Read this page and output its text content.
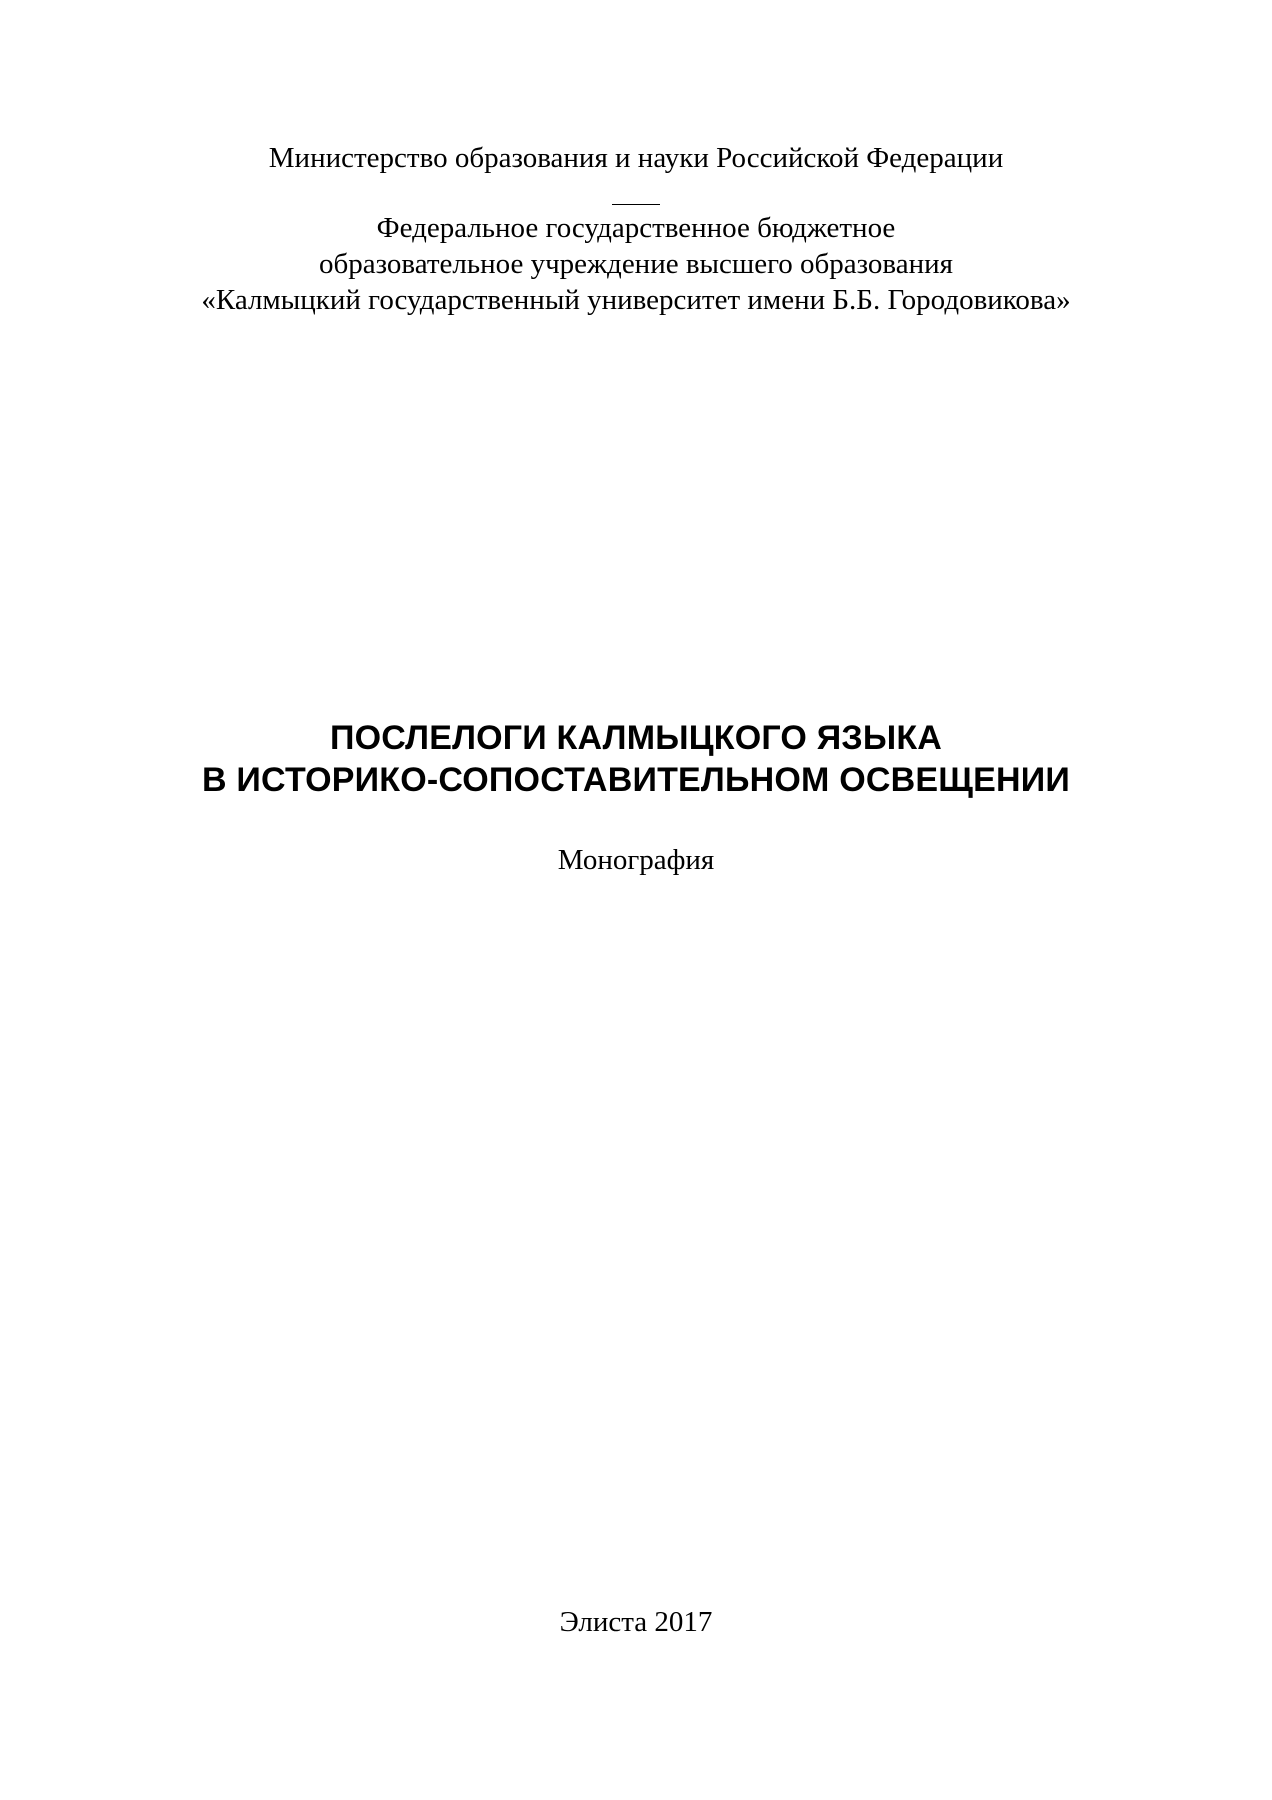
Министерство образования и науки Российской Федерации
Федеральное государственное бюджетное
образовательное учреждение высшего образования
«Калмыцкий государственный университет имени Б.Б. Городовикова»
ПОСЛЕЛОГИ КАЛМЫЦКОГО ЯЗЫКА
В ИСТОРИКО-СОПОСТАВИТЕЛЬНОМ ОСВЕЩЕНИИ
Монография
Элиста 2017
